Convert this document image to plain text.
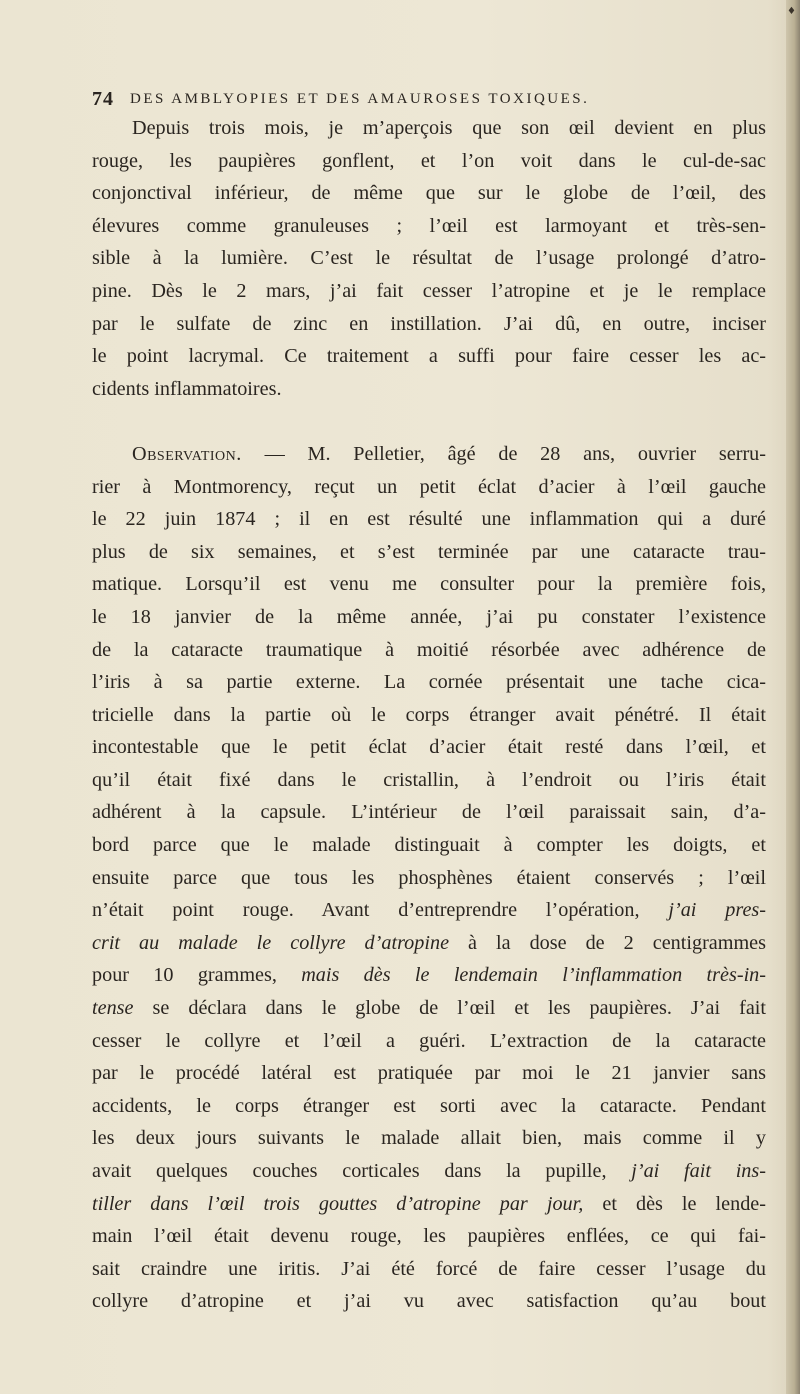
♦
74 DES AMBLYOPIES ET DES AMAUROSES TOXIQUES.
Depuis trois mois, je m’aperçois que son œil devient en plus
rouge, les paupières gonflent, et l’on voit dans le cul-de-sac
conjonctival inférieur, de même que sur le globe de l’œil, des
élevures comme granuleuses ; l’œil est larmoyant et très-sen-
sible à la lumière. C’est le résultat de l’usage prolongé d’atro-
pine. Dès le 2 mars, j’ai fait cesser l’atropine et je le remplace
par le sulfate de zinc en instillation. J’ai dû, en outre, inciser
le point lacrymal. Ce traitement a suffi pour faire cesser les ac-
cidents inflammatoires.
Observation. — M. Pelletier, âgé de 28 ans, ouvrier serru-
rier à Montmorency, reçut un petit éclat d’acier à l’œil gauche
le 22 juin 1874 ; il en est résulté une inflammation qui a duré
plus de six semaines, et s’est terminée par une cataracte trau-
matique. Lorsqu’il est venu me consulter pour la première fois,
le 18 janvier de la même année, j’ai pu constater l’existence
de la cataracte traumatique à moitié résorbée avec adhérence de
l’iris à sa partie externe. La cornée présentait une tache cica-
tricielle dans la partie où le corps étranger avait pénétré. Il était
incontestable que le petit éclat d’acier était resté dans l’œil, et
qu’il était fixé dans le cristallin, à l’endroit ou l’iris était
adhérent à la capsule. L’intérieur de l’œil paraissait sain, d’a-
bord parce que le malade distinguait à compter les doigts, et
ensuite parce que tous les phosphènes étaient conservés ; l’œil
n’était point rouge. Avant d’entreprendre l’opération, j’ai pres-
crit au malade le collyre d’atropine à la dose de 2 centigrammes
pour 10 grammes, mais dès le lendemain l’inflammation très-in-
tense se déclara dans le globe de l’œil et les paupières. J’ai fait
cesser le collyre et l’œil a guéri. L’extraction de la cataracte
par le procédé latéral est pratiquée par moi le 21 janvier sans
accidents, le corps étranger est sorti avec la cataracte. Pendant
les deux jours suivants le malade allait bien, mais comme il y
avait quelques couches corticales dans la pupille, j’ai fait ins-
tiller dans l’œil trois gouttes d’atropine par jour, et dès le lende-
main l’œil était devenu rouge, les paupières enflées, ce qui fai-
sait craindre une iritis. J’ai été forcé de faire cesser l’usage du
collyre d’atropine et j’ai vu avec satisfaction qu’au bout
